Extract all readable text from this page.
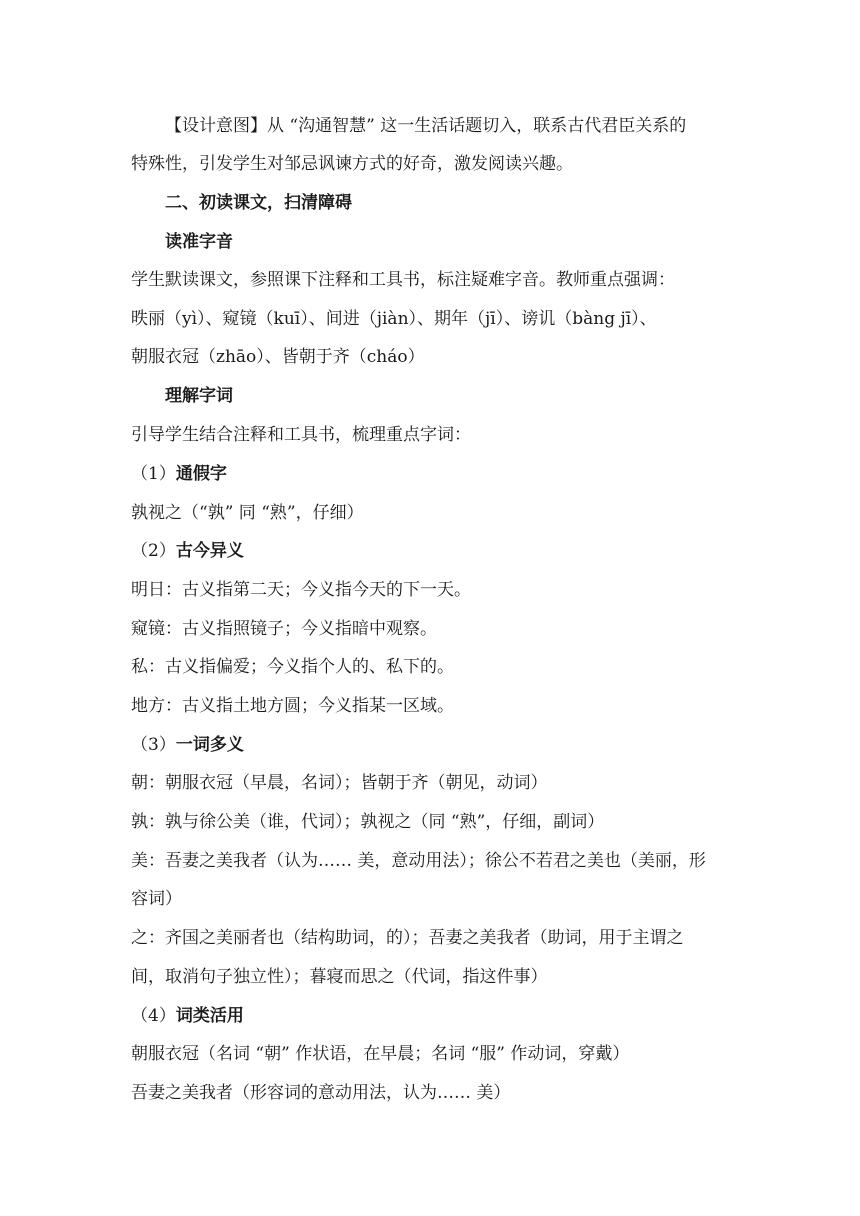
【设计意图】从 “沟通智慧” 这一生活话题切入，联系古代君臣关系的
特殊性，引发学生对邹忌讽谏方式的好奇，激发阅读兴趣。
二、初读课文，扫清障碍
读准字音
学生默读课文，参照课下注释和工具书，标注疑难字音。教师重点强调：
昳丽（yì）、窥镜（kuī）、间进（jiàn）、期年（jī）、谤讥（bàng jī）、
朝服衣冠（zhāo）、皆朝于齐（cháo）
理解字词
引导学生结合注释和工具书，梳理重点字词：
（1）通假字
孰视之（“孰” 同 “熟”，仔细）
（2）古今异义
明日：古义指第二天；今义指今天的下一天。
窥镜：古义指照镜子；今义指暗中观察。
私：古义指偏爱；今义指个人的、私下的。
地方：古义指土地方圆；今义指某一区域。
（3）一词多义
朝：朝服衣冠（早晨，名词）；皆朝于齐（朝见，动词）
孰：孰与徐公美（谁，代词）；孰视之（同 “熟”，仔细，副词）
美：吾妻之美我者（认为…… 美，意动用法）；徐公不若君之美也（美丽，形
容词）
之：齐国之美丽者也（结构助词，的）；吾妻之美我者（助词，用于主谓之
间，取消句子独立性）；暮寝而思之（代词，指这件事）
（4）词类活用
朝服衣冠（名词 “朝” 作状语，在早晨；名词 “服” 作动词，穿戴）
吾妻之美我者（形容词的意动用法，认为…… 美）
